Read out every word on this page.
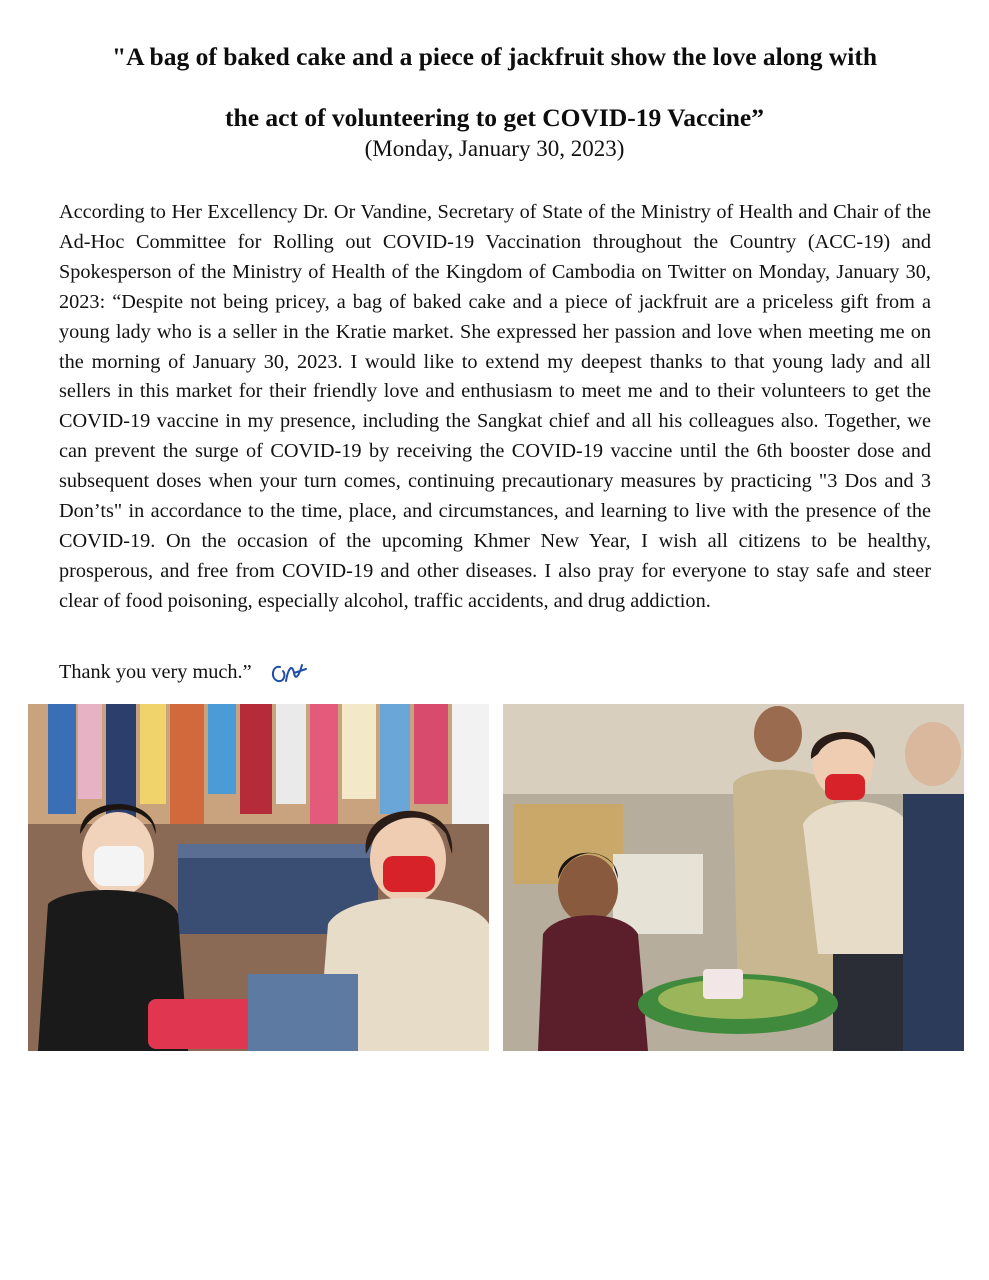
"A bag of baked cake and a piece of jackfruit show the love along with
the act of volunteering to get COVID-19 Vaccine”

(Monday, January 30, 2023)

According to Her Excellency Dr. Or Vandine, Secretary of State of the Ministry of Health and Chair of the Ad-Hoc Committee for Rolling out COVID-19 Vaccination throughout the Country (ACC-19) and Spokesperson of the Ministry of Health of the Kingdom of Cambodia on Twitter on Monday, January 30, 2023: “Despite not being pricey, a bag of baked cake and a piece of jackfruit are a priceless gift from a young lady who is a seller in the Kratie market. She expressed her passion and love when meeting me on the morning of January 30, 2023. I would like to extend my deepest thanks to that young lady and all sellers in this market for their friendly love and enthusiasm to meet me and to their volunteers to get the COVID-19 vaccine in my presence, including the Sangkat chief and all his colleagues also. Together, we can prevent the surge of COVID-19 by receiving the COVID-19 vaccine until the 6th booster dose and subsequent doses when your turn comes, continuing precautionary measures by practicing "3 Dos and 3 Don’ts" in accordance to the time, place, and circumstances, and learning to live with the presence of the COVID-19. On the occasion of the upcoming Khmer New Year, I wish all citizens to be healthy, prosperous, and free from COVID-19 and other diseases. I also pray for everyone to stay safe and steer clear of food poisoning, especially alcohol, traffic accidents, and drug addiction.

Thank you very much.”
